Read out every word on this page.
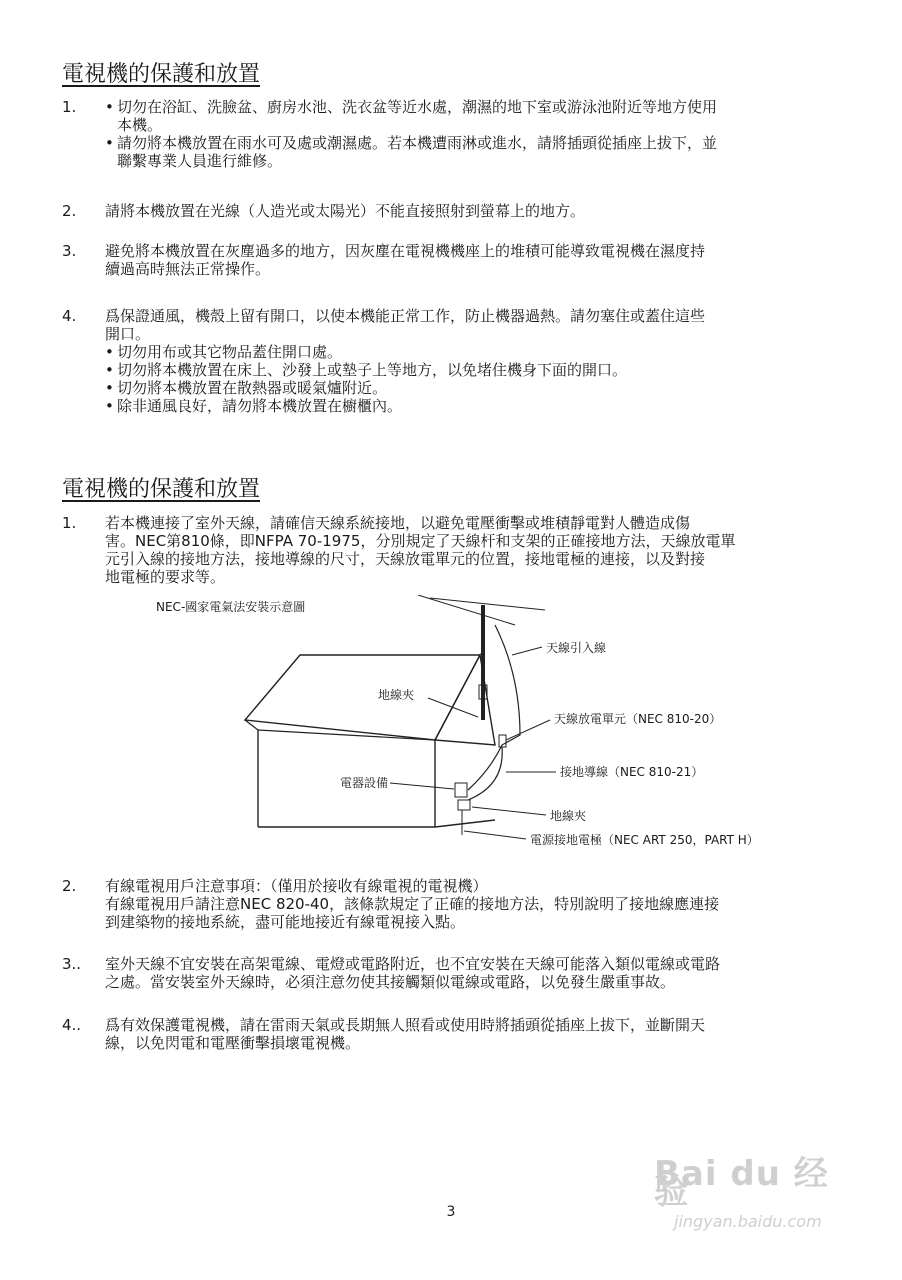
電視機的保護和放置
1.	• 切勿在浴缸、洗臉盆、廚房水池、洗衣盆等近水處，潮濕的地下室或游泳池附近等地方使用
本機。
• 請勿將本機放置在雨水可及處或潮濕處。若本機遭雨淋或進水，請將插頭從插座上拔下，並
聯繫專業人員進行維修。
2.	請將本機放置在光線（人造光或太陽光）不能直接照射到螢幕上的地方。
3.	避免將本機放置在灰塵過多的地方，因灰塵在電視機機座上的堆積可能導致電視機在濕度持
續過高時無法正常操作。
4.	爲保證通風，機殼上留有開口，以使本機能正常工作，防止機器過熱。請勿塞住或蓋住這些
開口。
• 切勿用布或其它物品蓋住開口處。
• 切勿將本機放置在床上、沙發上或墊子上等地方，以免堵住機身下面的開口。
• 切勿將本機放置在散熱器或暖氣爐附近。
• 除非通風良好，請勿將本機放置在櫥櫃內。
電視機的保護和放置
1.	若本機連接了室外天線，請確信天線系統接地，以避免電壓衝擊或堆積靜電對人體造成傷
害。NEC第810條，即NFPA 70-1975，分別規定了天線杆和支架的正確接地方法，天線放電單
元引入線的接地方法，接地導線的尺寸，天線放電單元的位置，接地電極的連接，以及對接
地電極的要求等。
NEC-國家電氣法安裝示意圖
天線引入線
地線夾
天線放電單元（NEC 810-20）
接地導線（NEC 810-21）
電器設備
地線夾
電源接地電極（NEC ART 250，PART H）
2.	有線電視用戶注意事項：（僅用於接收有線電視的電視機）
有線電視用戶請注意NEC 820-40，該條款規定了正確的接地方法，特別說明了接地線應連接
到建築物的接地系統，盡可能地接近有線電視接入點。
3..	室外天線不宜安裝在高架電線、電燈或電路附近，也不宜安裝在天線可能落入類似電線或電路
之處。當安裝室外天線時，必須注意勿使其接觸類似電線或電路，以免發生嚴重事故。
4..	爲有效保護電視機，請在雷雨天氣或長期無人照看或使用時將插頭從插座上拔下，並斷開天
線，以免閃電和電壓衝擊損壞電視機。
3
Bai du 经验
jingyan.baidu.com
